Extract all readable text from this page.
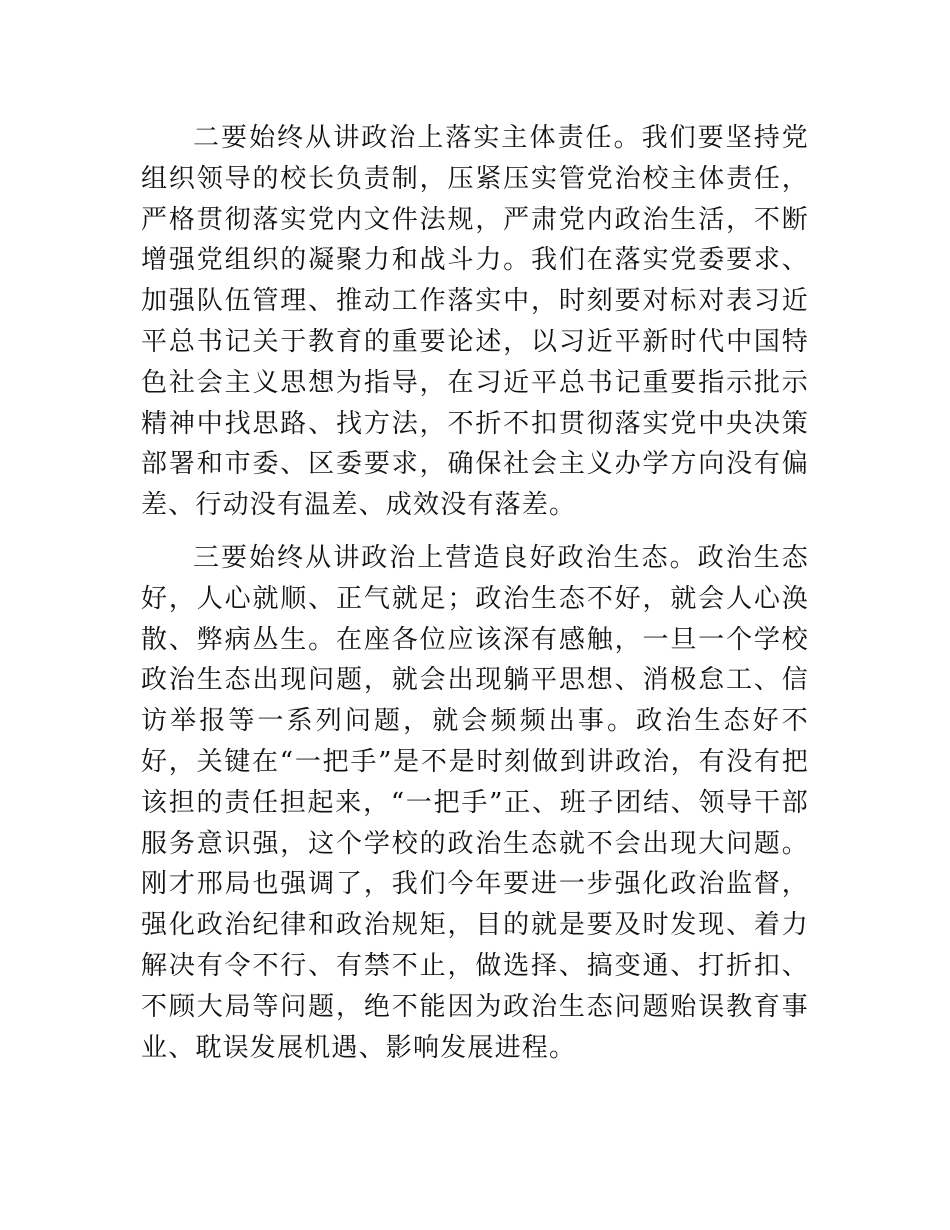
二要始终从讲政治上落实主体责任。我们要坚持党组织领导的校长负责制，压紧压实管党治校主体责任，严格贯彻落实党内文件法规，严肃党内政治生活，不断增强党组织的凝聚力和战斗力。我们在落实党委要求、加强队伍管理、推动工作落实中，时刻要对标对表习近平总书记关于教育的重要论述，以习近平新时代中国特色社会主义思想为指导，在习近平总书记重要指示批示精神中找思路、找方法，不折不扣贯彻落实党中央决策部署和市委、区委要求，确保社会主义办学方向没有偏差、行动没有温差、成效没有落差。

三要始终从讲政治上营造良好政治生态。政治生态好，人心就顺、正气就足；政治生态不好，就会人心涣散、弊病丛生。在座各位应该深有感触，一旦一个学校政治生态出现问题，就会出现躺平思想、消极怠工、信访举报等一系列问题，就会频频出事。政治生态好不好，关键在“一把手”是不是时刻做到讲政治，有没有把该担的责任担起来，“一把手”正、班子团结、领导干部服务意识强，这个学校的政治生态就不会出现大问题。刚才邢局也强调了，我们今年要进一步强化政治监督，强化政治纪律和政治规矩，目的就是要及时发现、着力解决有令不行、有禁不止，做选择、搞变通、打折扣、不顾大局等问题，绝不能因为政治生态问题贻误教育事业、耽误发展机遇、影响发展进程。
